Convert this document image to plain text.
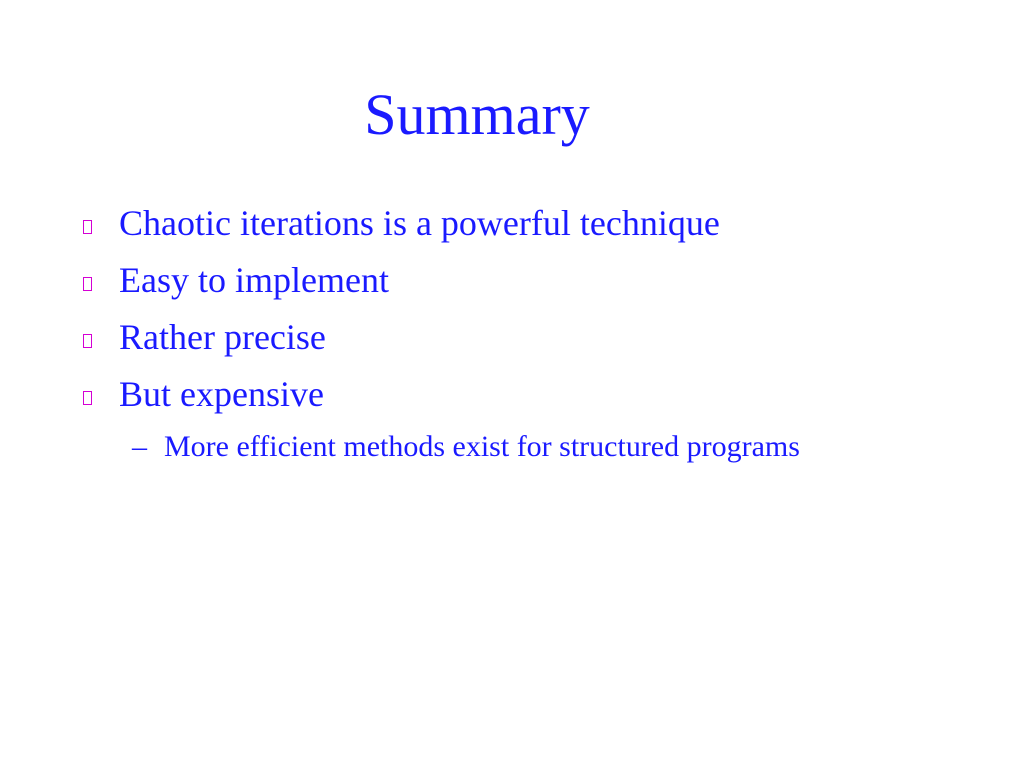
Summary
Chaotic iterations is a powerful technique
Easy to implement
Rather precise
But expensive
– More efficient methods exist for structured programs
